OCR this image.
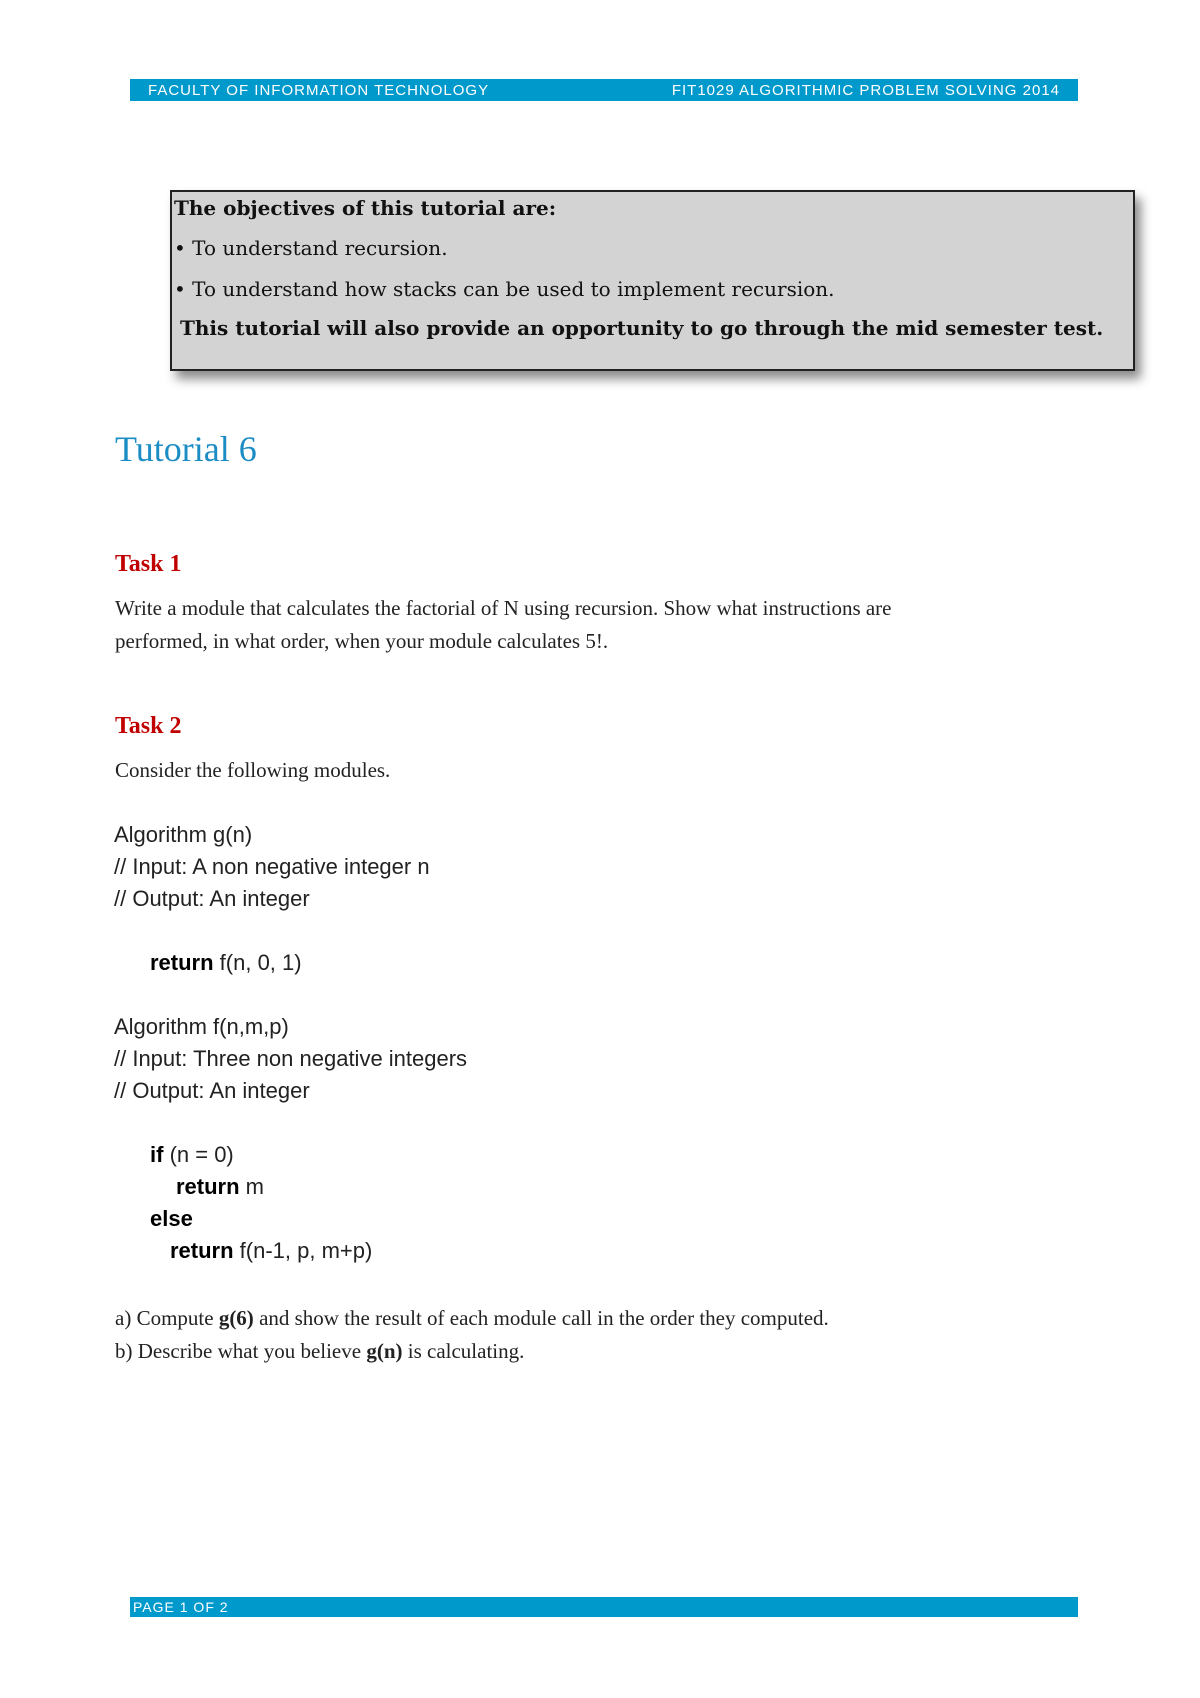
FACULTY OF INFORMATION TECHNOLOGY	FIT1029 ALGORITHMIC PROBLEM SOLVING 2014
The objectives of this tutorial are:
• To understand recursion.
• To understand how stacks can be used to implement recursion.
This tutorial will also provide an opportunity to go through the mid semester test.
Tutorial 6
Task 1
Write a module that calculates the factorial of N using recursion. Show what instructions are
performed, in what order, when your module calculates 5!.
Task 2
Consider the following modules.
Algorithm g(n)
// Input: A non negative integer n
// Output: An integer
return f(n, 0, 1)
Algorithm f(n,m,p)
// Input: Three non negative integers
// Output: An integer
if (n = 0)
return m
else
return f(n-1, p, m+p)
a) Compute g(6) and show the result of each module call in the order they computed.
b) Describe what you believe g(n) is calculating.
PAGE 1 OF 2
